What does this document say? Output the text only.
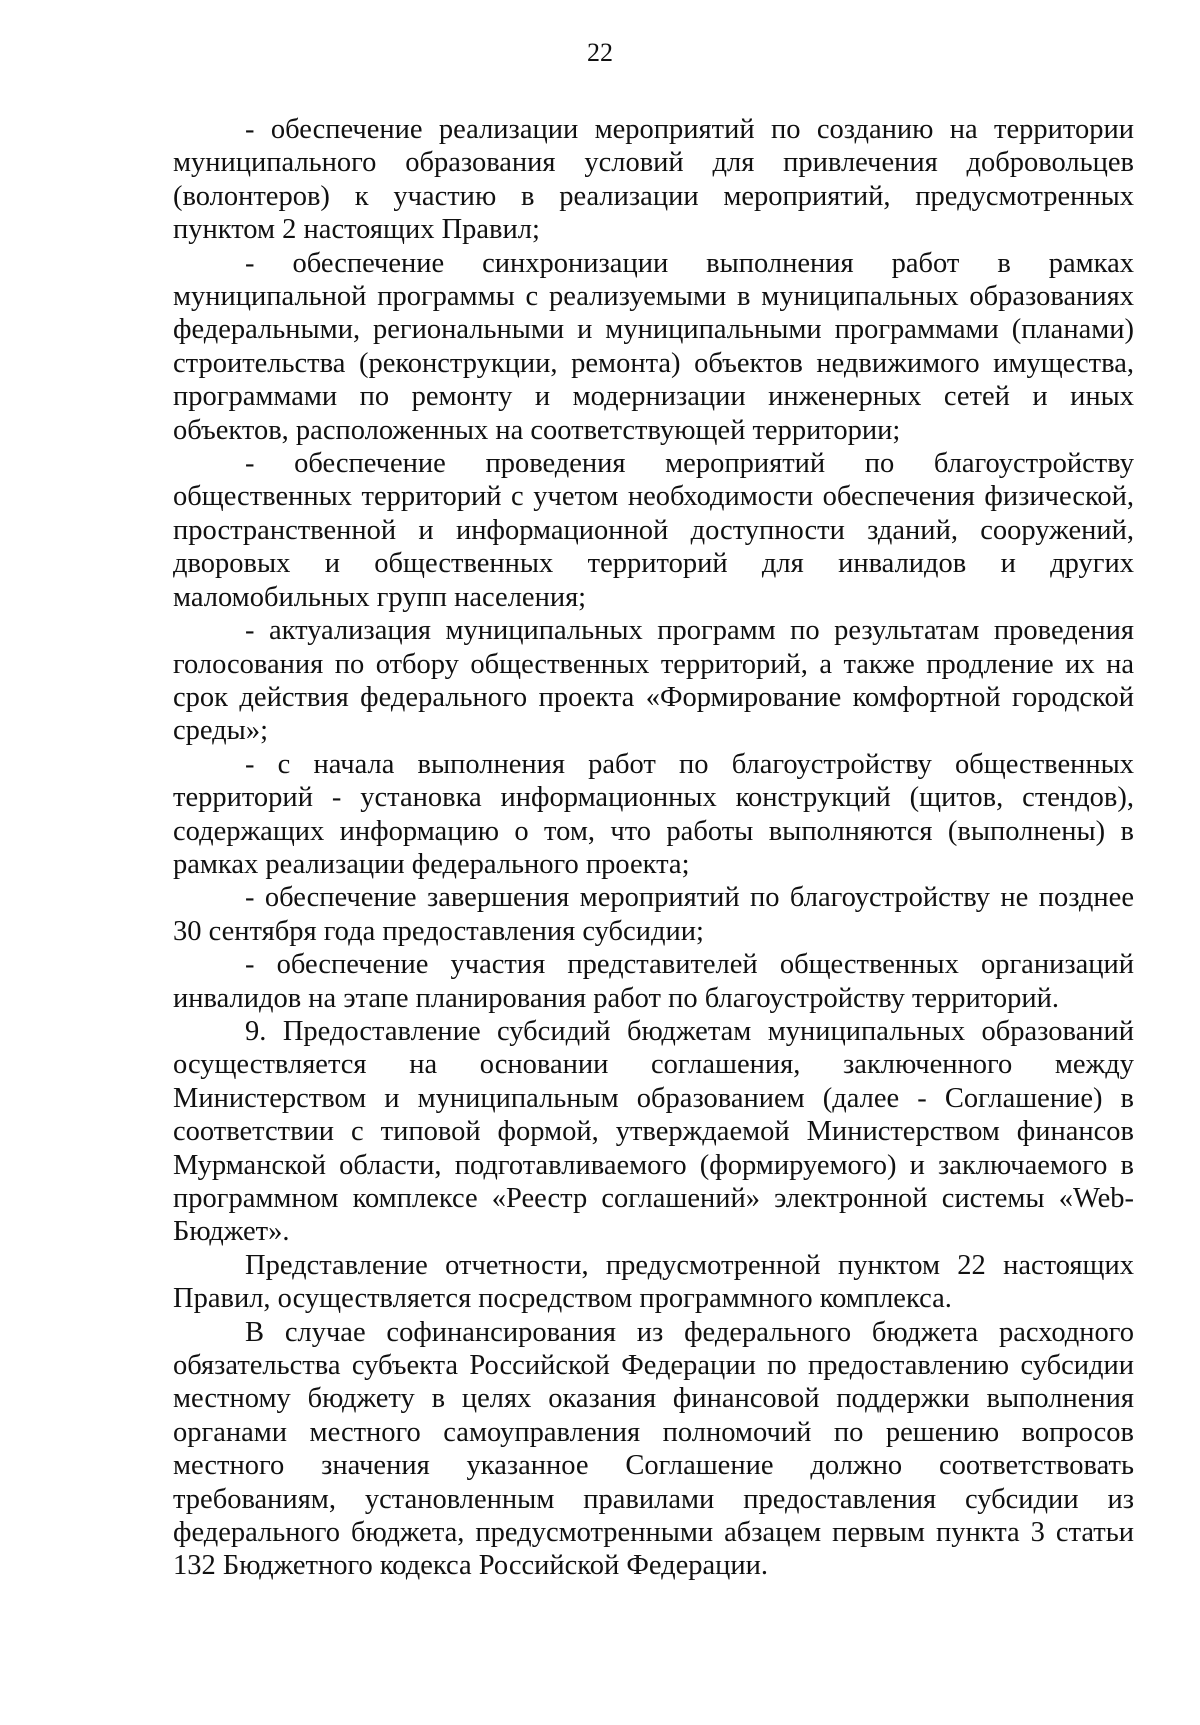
22

- обеспечение реализации мероприятий по созданию на территории муниципального образования условий для привлечения добровольцев (волонтеров) к участию в реализации мероприятий, предусмотренных пунктом 2 настоящих Правил;

- обеспечение синхронизации выполнения работ в рамках муниципальной программы с реализуемыми в муниципальных образованиях федеральными, региональными и муниципальными программами (планами) строительства (реконструкции, ремонта) объектов недвижимого имущества, программами по ремонту и модернизации инженерных сетей и иных объектов, расположенных на соответствующей территории;

- обеспечение проведения мероприятий по благоустройству общественных территорий с учетом необходимости обеспечения физической, пространственной и информационной доступности зданий, сооружений, дворовых и общественных территорий для инвалидов и других маломобильных групп населения;

- актуализация муниципальных программ по результатам проведения голосования по отбору общественных территорий, а также продление их на срок действия федерального проекта «Формирование комфортной городской среды»;

- с начала выполнения работ по благоустройству общественных территорий - установка информационных конструкций (щитов, стендов), содержащих информацию о том, что работы выполняются (выполнены) в рамках реализации федерального проекта;

- обеспечение завершения мероприятий по благоустройству не позднее 30 сентября года предоставления субсидии;

- обеспечение участия представителей общественных организаций инвалидов на этапе планирования работ по благоустройству территорий.

9. Предоставление субсидий бюджетам муниципальных образований осуществляется на основании соглашения, заключенного между Министерством и муниципальным образованием (далее - Соглашение) в соответствии с типовой формой, утверждаемой Министерством финансов Мурманской области, подготавливаемого (формируемого) и заключаемого в программном комплексе «Реестр соглашений» электронной системы «Web-Бюджет».

Представление отчетности, предусмотренной пунктом 22 настоящих Правил, осуществляется посредством программного комплекса.

В случае софинансирования из федерального бюджета расходного обязательства субъекта Российской Федерации по предоставлению субсидии местному бюджету в целях оказания финансовой поддержки выполнения органами местного самоуправления полномочий по решению вопросов местного значения указанное Соглашение должно соответствовать требованиям, установленным правилами предоставления субсидии из федерального бюджета, предусмотренными абзацем первым пункта 3 статьи 132 Бюджетного кодекса Российской Федерации.
